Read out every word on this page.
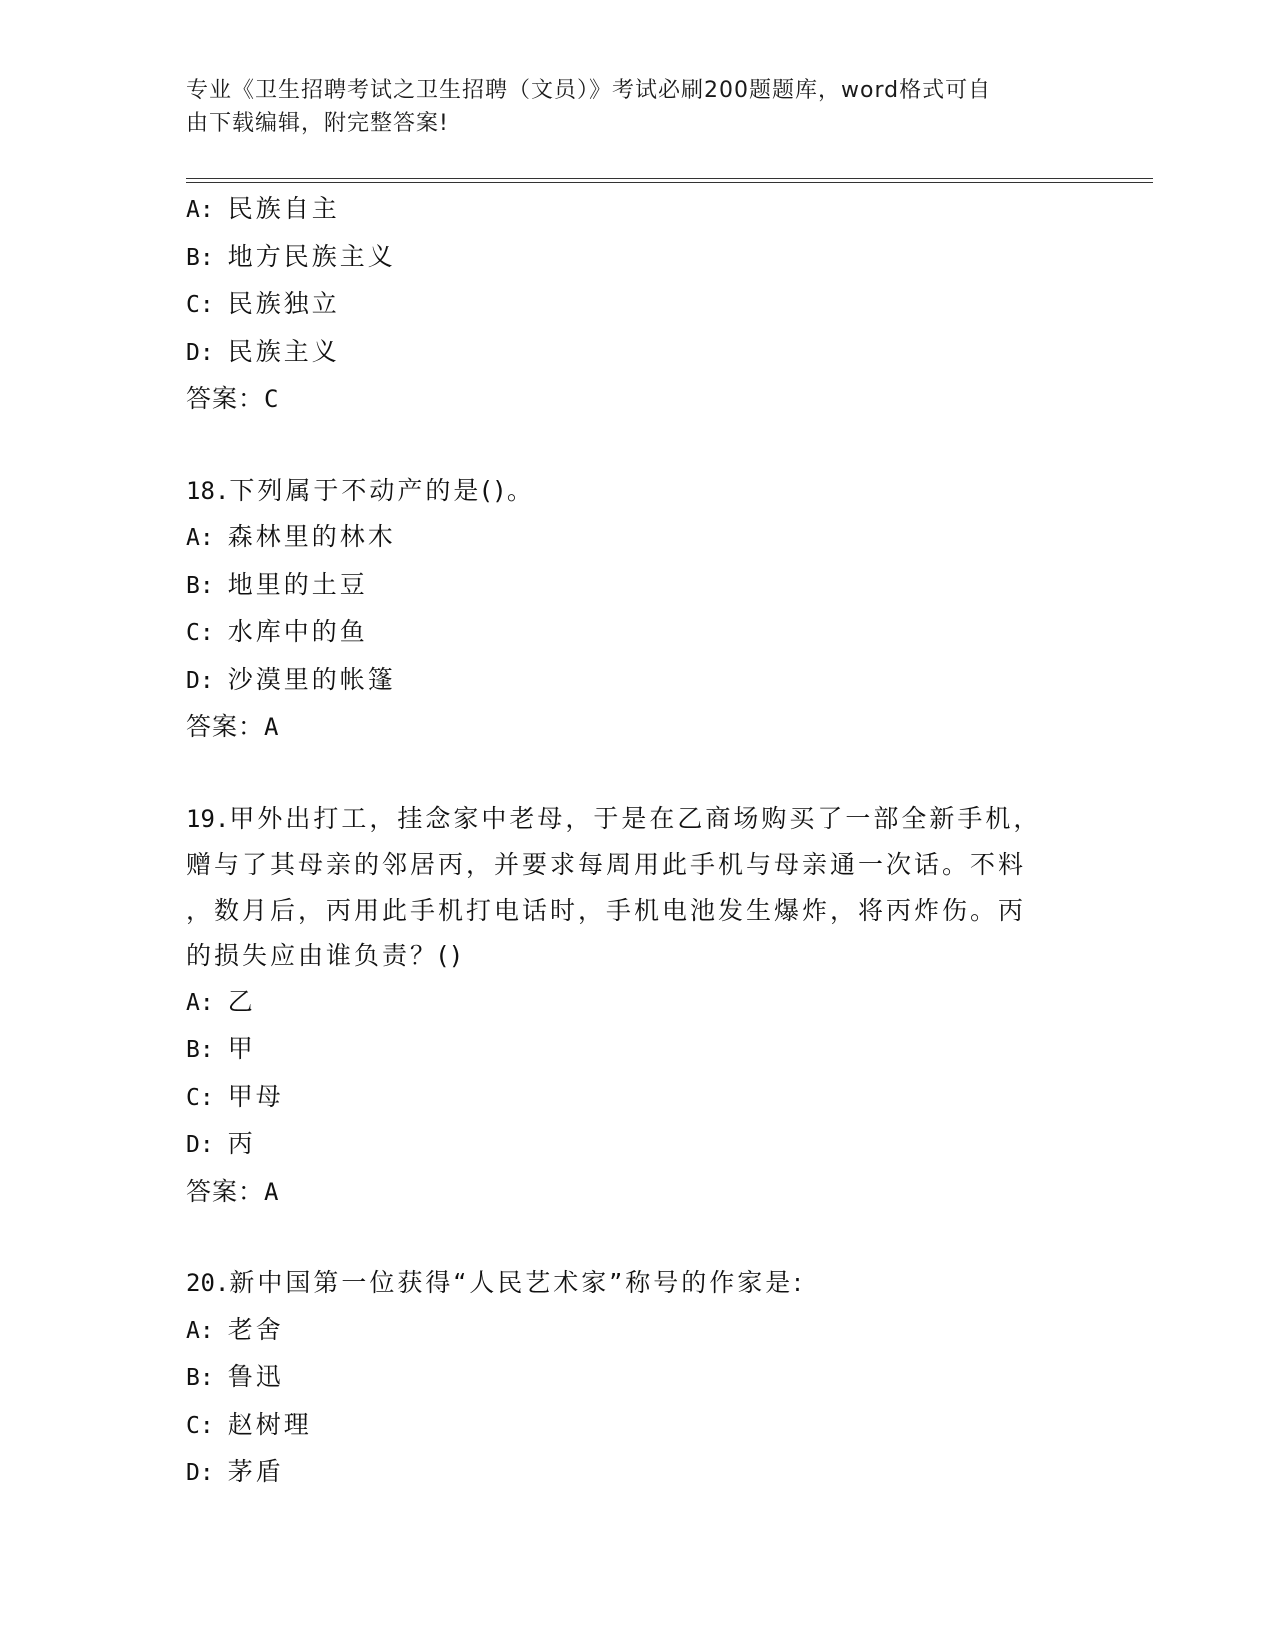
专业《卫生招聘考试之卫生招聘（文员）》考试必刷200题题库，word格式可自
由下载编辑，附完整答案!
A: 民族自主
B: 地方民族主义
C: 民族独立
D: 民族主义
答案：C
18.下列属于不动产的是()。
A: 森林里的林木
B: 地里的土豆
C: 水库中的鱼
D: 沙漠里的帐篷
答案：A
19.甲外出打工，挂念家中老母，于是在乙商场购买了一部全新手机，
赠与了其母亲的邻居丙，并要求每周用此手机与母亲通一次话。不料
，数月后，丙用此手机打电话时，手机电池发生爆炸，将丙炸伤。丙
的损失应由谁负责？()
A: 乙
B: 甲
C: 甲母
D: 丙
答案：A
20.新中国第一位获得“人民艺术家”称号的作家是:
A: 老舍
B: 鲁迅
C: 赵树理
D: 茅盾
